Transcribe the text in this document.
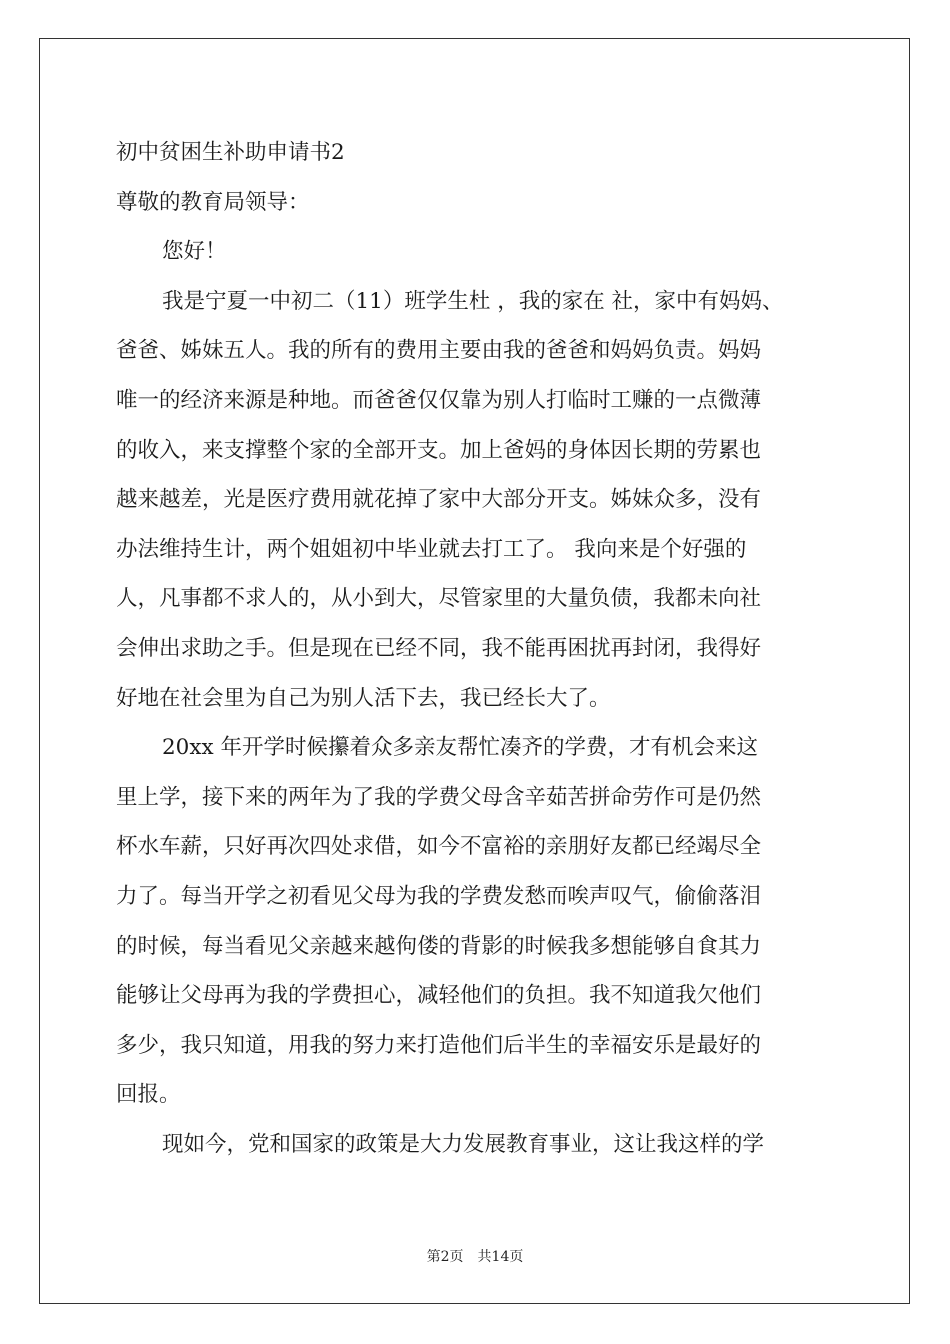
初中贫困生补助申请书2
尊敬的教育局领导：
您好！
我是宁夏一中初二（11）班学生杜 ，我的家在 社，家中有妈妈、
爸爸、姊妹五人。我的所有的费用主要由我的爸爸和妈妈负责。妈妈
唯一的经济来源是种地。而爸爸仅仅靠为别人打临时工赚的一点微薄
的收入，来支撑整个家的全部开支。加上爸妈的身体因长期的劳累也
越来越差，光是医疗费用就花掉了家中大部分开支。姊妹众多，没有
办法维持生计，两个姐姐初中毕业就去打工了。 我向来是个好强的
人，凡事都不求人的，从小到大，尽管家里的大量负债，我都未向社
会伸出求助之手。但是现在已经不同，我不能再困扰再封闭，我得好
好地在社会里为自己为别人活下去，我已经长大了。
20xx 年开学时候攥着众多亲友帮忙凑齐的学费，才有机会来这
里上学，接下来的两年为了我的学费父母含辛茹苦拼命劳作可是仍然
杯水车薪，只好再次四处求借，如今不富裕的亲朋好友都已经竭尽全
力了。每当开学之初看见父母为我的学费发愁而唉声叹气，偷偷落泪
的时候，每当看见父亲越来越佝偻的背影的时候我多想能够自食其力
能够让父母再为我的学费担心，减轻他们的负担。我不知道我欠他们
多少，我只知道，用我的努力来打造他们后半生的幸福安乐是最好的
回报。
现如今，党和国家的政策是大力发展教育事业，这让我这样的学
第2页 共14页
